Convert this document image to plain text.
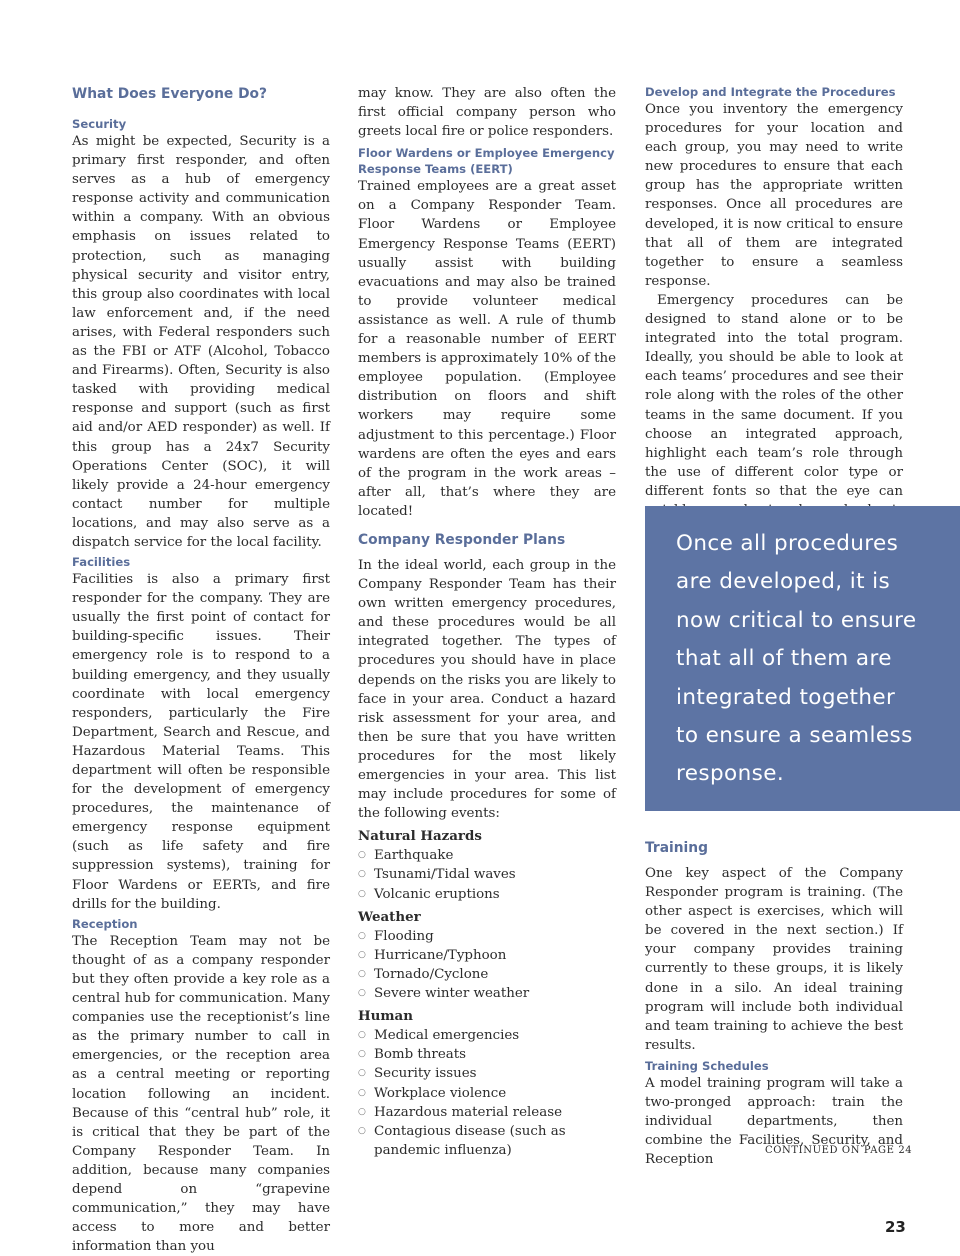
What Does Everyone Do?
Security

As might be expected, Security is a primary first responder, and often serves as a hub of emergency response activity and communication within a company. With an obvious emphasis on issues related to protection, such as managing physical security and visitor entry, this group also coordinates with local law enforcement and, if the need arises, with Federal responders such as the FBI or ATF (Alcohol, Tobacco and Firearms). Often, Security is also tasked with providing medical response and support (such as first aid and/or AED responder) as well. If this group has a 24x7 Security Operations Center (SOC), it will likely provide a 24-hour emergency contact number for multiple locations, and may also serve as a dispatch service for the local facility.

Facilities

Facilities is also a primary first responder for the company. They are usually the first point of contact for building-specific issues. Their emergency role is to respond to a building emergency, and they usually coordinate with local emergency responders, particularly the Fire Department, Search and Rescue, and Hazardous Material Teams. This department will often be responsible for the development of emergency procedures, the maintenance of emergency response equipment (such as life safety and fire suppression systems), training for Floor Wardens or EERTs, and fire drills for the building.

Reception

The Reception Team may not be thought of as a company responder but they often provide a key role as a central hub for communication. Many companies use the receptionist’s line as the primary number to call in emergencies, or the reception area as a central meeting or reporting location following an incident. Because of this “central hub” role, it is critical that they be part of the Company Responder Team. In addition, because many companies depend on “grapevine communication,” they may have access to more and better information than you

may know. They are also often the first official company person who greets local fire or police responders.

Floor Wardens or Employee Emergency Response Teams (EERT)

Trained employees are a great asset on a Company Responder Team. Floor Wardens or Employee Emergency Response Teams (EERT) usually assist with building evacuations and may also be trained to provide volunteer medical assistance as well. A rule of thumb for a reasonable number of EERT members is approximately 10% of the employee population. (Employee distribution on floors and shift workers may require some adjustment to this percentage.) Floor wardens are often the eyes and ears of the program in the work areas – after all, that’s where they are located!

Company Responder Plans

In the ideal world, each group in the Company Responder Team has their own written emergency procedures, and these procedures would be all integrated together. The types of procedures you should have in place depends on the risks you are likely to face in your area. Conduct a hazard risk assessment for your area, and then be sure that you have written procedures for the most likely emergencies in your area. This list may include procedures for some of the following events:

Natural Hazards

○ Earthquake
○ Tsunami/Tidal waves
○ Volcanic eruptions

Weather

○ Flooding
○ Hurricane/Typhoon
○ Tornado/Cyclone
○ Severe winter weather

Human

○ Medical emergencies
○ Bomb threats
○ Security issues
○ Workplace violence
○ Hazardous material release
○ Contagious disease (such as pandemic influenza)
Develop and Integrate the Procedures

Once you inventory the emergency procedures for your location and each group, you may need to write new procedures to ensure that each group has the appropriate written responses. Once all procedures are developed, it is now critical to ensure that all of them are integrated together to ensure a seamless response.

Emergency procedures can be designed to stand alone or to be integrated into the total program. Ideally, you should be able to look at each teams’ procedures and see their role along with the roles of the other teams in the same document. If you choose an integrated approach, highlight each team’s role through the use of different color type or different fonts so that the eye can

Once all procedures

are developed, it is

now critical to ensure

that all of them are

integrated together

to ensure a seamless

response.

Training

One key aspect of the Company Responder program is training. (The other aspect is exercises, which will be covered in the next section.) If your company provides training currently to these groups, it is likely done in a silo. An ideal training program will include both individual and team training to achieve the best results.

Training Schedules

A model training program will take a two-pronged approach: train the individual departments, then combine the Facilities, Security, and Reception

CONTINUED ON PAGE 24
23
